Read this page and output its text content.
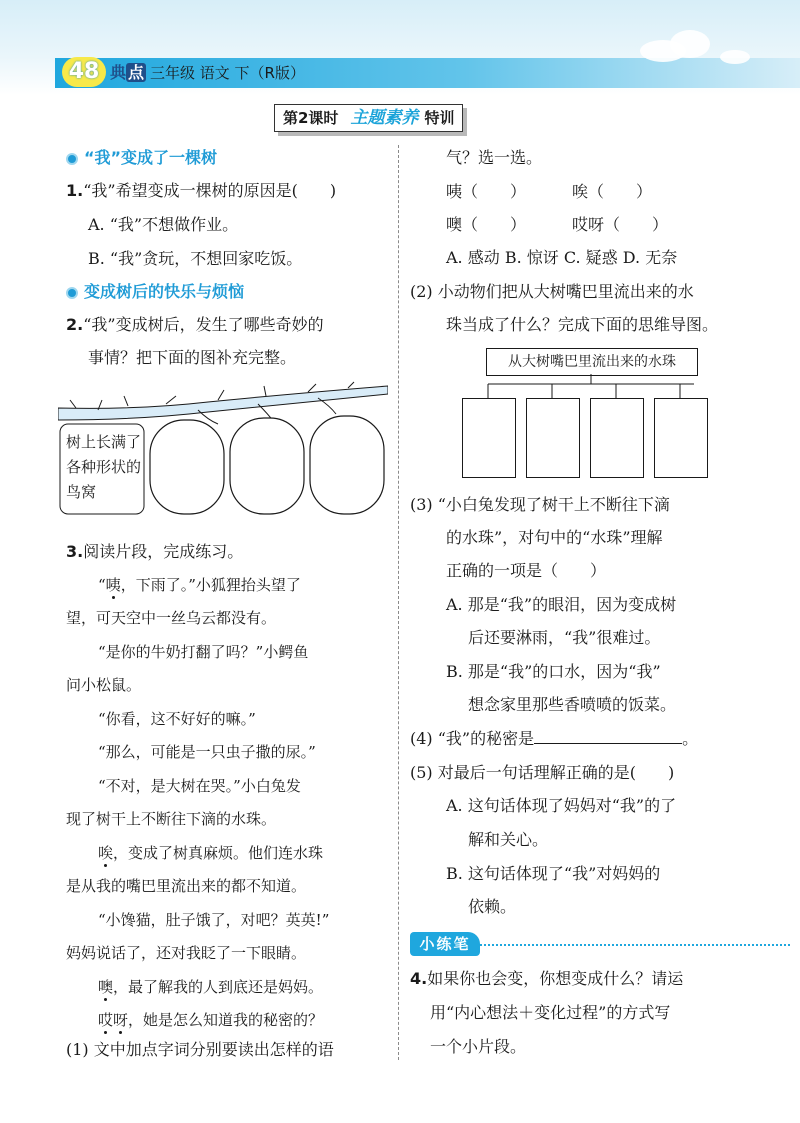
48 典 点 三年级 语文 下（R版）
第2课时 主题素养 特训
“我”变成了一棵树
1.“我”希望变成一棵树的原因是(　　)
A. “我”不想做作业。
B. “我”贪玩，不想回家吃饭。
变成树后的快乐与烦恼
2.“我”变成树后，发生了哪些奇妙的
事情？把下面的图补充完整。
树上长满了各种形状的鸟窝
3.阅读片段，完成练习。
“咦，下雨了。”小狐狸抬头望了
望，可天空中一丝乌云都没有。
“是你的牛奶打翻了吗？”小鳄鱼
问小松鼠。
“你看，这不好好的嘛。”
“那么，可能是一只虫子撒的尿。”
“不对，是大树在哭。”小白兔发
现了树干上不断往下滴的水珠。
唉，变成了树真麻烦。他们连水珠
是从我的嘴巴里流出来的都不知道。
“小馋猫，肚子饿了，对吧？英英!”
妈妈说话了，还对我眨了一下眼睛。
噢，最了解我的人到底还是妈妈。
哎呀，她是怎么知道我的秘密的？
(1) 文中加点字词分别要读出怎样的语
气？选一选。
咦（　　）	唉（　　）
噢（　　）	哎呀（　　）
A. 感动 B. 惊讶 C. 疑惑 D. 无奈
(2) 小动物们把从大树嘴巴里流出来的水
珠当成了什么？完成下面的思维导图。
从大树嘴巴里流出来的水珠
(3) “小白兔发现了树干上不断往下滴
的水珠”，对句中的“水珠”理解
正确的一项是（　　）
A. 那是“我”的眼泪，因为变成树
后还要淋雨，“我”很难过。
B. 那是“我”的口水，因为“我”
想念家里那些香喷喷的饭菜。
(4) “我”的秘密是	。
(5) 对最后一句话理解正确的是(　　)
A. 这句话体现了妈妈对“我”的了
解和关心。
B. 这句话体现了“我”对妈妈的
依赖。
小练笔
4.如果你也会变，你想变成什么？请运
用“内心想法＋变化过程”的方式写
一个小片段。
